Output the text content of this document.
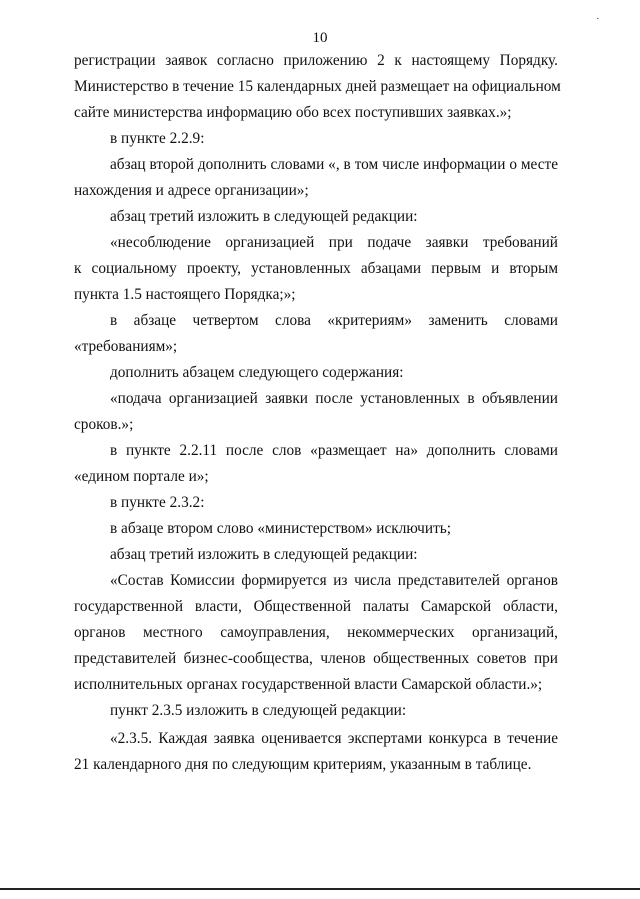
·
10
регистрации заявок согласно приложению 2 к настоящему Порядку.
Министерство в течение 15 календарных дней размещает на официальном
сайте министерства информацию обо всех поступивших заявках.»;
в пункте 2.2.9:
абзац второй дополнить словами «, в том числе информации о месте
нахождения и адресе организации»;
абзац третий изложить в следующей редакции:
«несоблюдение организацией при подаче заявки требований
к социальному проекту, установленных абзацами первым и вторым
пункта 1.5 настоящего Порядка;»;
в абзаце четвертом слова «критериям» заменить словами
«требованиям»;
дополнить абзацем следующего содержания:
«подача организацией заявки после установленных в объявлении
сроков.»;
в пункте 2.2.11 после слов «размещает на» дополнить словами
«едином портале и»;
в пункте 2.3.2:
в абзаце втором слово «министерством» исключить;
абзац третий изложить в следующей редакции:
«Состав Комиссии формируется из числа представителей органов
государственной власти, Общественной палаты Самарской области,
органов местного самоуправления, некоммерческих организаций,
представителей бизнес-сообщества, членов общественных советов при
исполнительных органах государственной власти Самарской области.»;
пункт 2.3.5 изложить в следующей редакции:
«2.3.5. Каждая заявка оценивается экспертами конкурса в течение
21 календарного дня по следующим критериям, указанным в таблице.
